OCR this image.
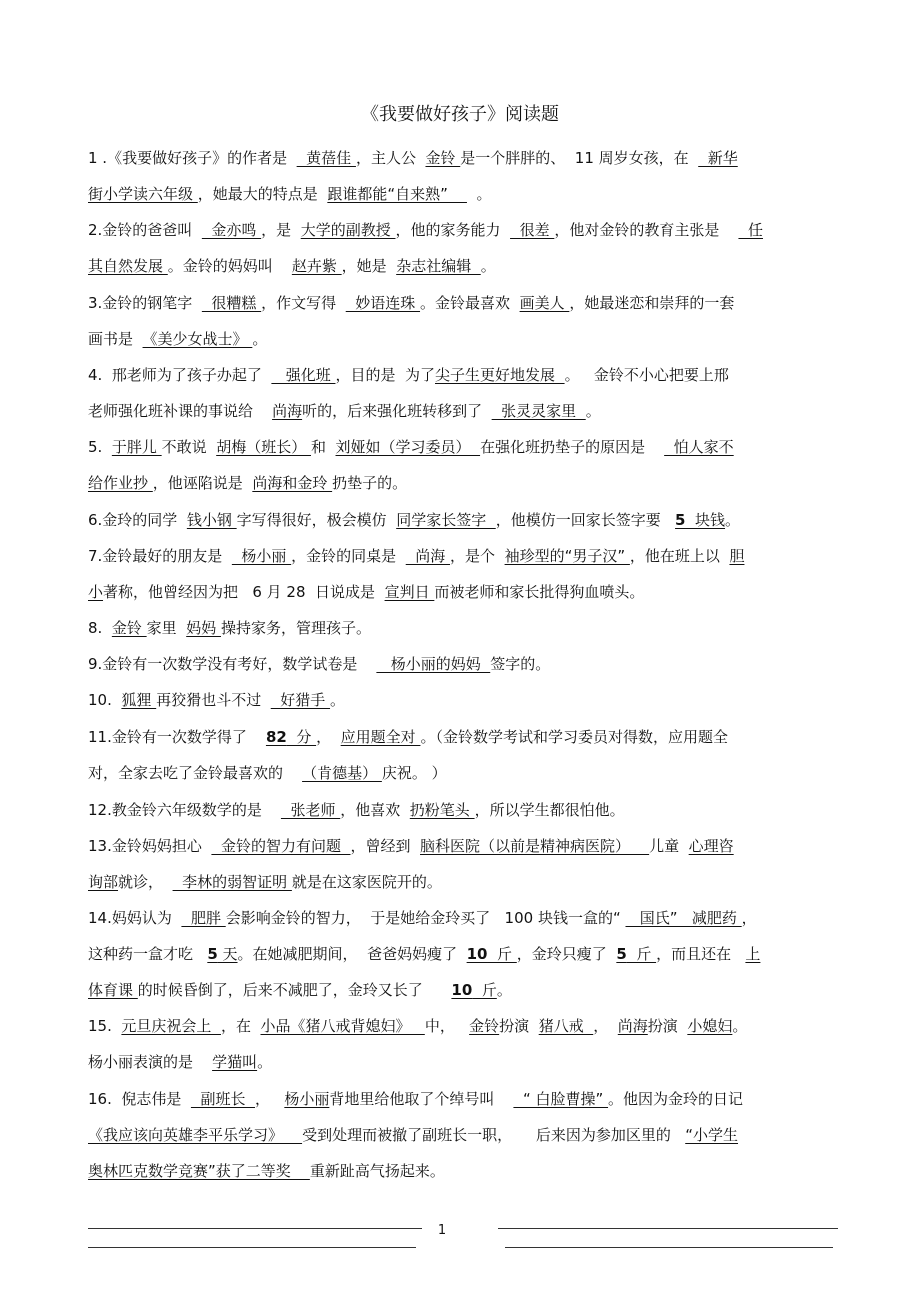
《我要做好孩子》阅读题
1 .《我要做好孩子》的作者是    黄蓓佳 ，主人公  金铃 是一个胖胖的、  11 周岁女孩，在    新华
街小学读六年级 ，她最大的特点是  跟谁都能“自来熟”      。
2.金铃的爸爸叫    金亦鸣 ，是  大学的副教授 ，他的家务能力    很差 ，他对金铃的教育主张是      任
其自然发展 。金铃的妈妈叫    赵卉紫 ，她是  杂志社编辑  。
3.金铃的钢笔字    很糟糕 ，作文写得    妙语连珠 。金铃最喜欢  画美人 ，她最迷恋和崇拜的一套
画书是  《美少女战士》 。
4.  邢老师为了孩子办起了     强化班 ，目的是  为了尖子生更好地发展  。   金铃不小心把要上邢
老师强化班补课的事说给    尚海听的，后来强化班转移到了    张灵灵家里  。
5.  于胖儿 不敢说  胡梅（班长） 和  刘娅如（学习委员）  在强化班扔垫子的原因是      怕人家不
给作业抄 ，他诬陷说是  尚海和金玲 扔垫子的。
6.金玲的同学  钱小钢 字写得很好，极会模仿  同学家长签字  ，他模仿一回家长签字要   5  块钱。
7.金铃最好的朋友是    杨小丽 ，金铃的同桌是    尚海 ，是个  袖珍型的“男子汉” ，他在班上以  胆
小著称，他曾经因为把   6 月 28  日说成是  宣判日 而被老师和家长批得狗血喷头。
8.  金铃 家里  妈妈 操持家务，管理孩子。
9.金铃有一次数学没有考好，数学试卷是       杨小丽的妈妈  签字的。
10.  狐狸 再狡猾也斗不过    好猎手 。
11.金铃有一次数学得了    82  分 ，  应用题全对 。（金铃数学考试和学习委员对得数，应用题全
对，全家去吃了金铃最喜欢的    （肯德基） 庆祝。 ）
12.教金铃六年级数学的是      张老师 ，他喜欢  扔粉笔头 ，所以学生都很怕他。
13.金铃妈妈担心    金铃的智力有问题  ，曾经到  脑科医院（以前是精神病医院）    儿童  心理咨
询部就诊，    李林的弱智证明 就是在这家医院开的。
14.妈妈认为    肥胖 会影响金铃的智力，  于是她给金玲买了   100 块钱一盒的“    国氏”   减肥药 ，
这种药一盒才吃   5 天。在她减肥期间，  爸爸妈妈瘦了  10  斤 ，金玲只瘦了  5  斤 ，而且还在   上
体育课 的时候昏倒了，后来不减肥了，金玲又长了      10  斤。
15.  元旦庆祝会上  ，在  小品《猪八戒背媳妇》   中，   金铃扮演  猪八戒  ，  尚海扮演  小媳妇。
杨小丽表演的是    学猫叫。
16.  倪志伟是    副班长  ，   杨小丽背地里给他取了个绰号叫      “ 白脸曹操” 。他因为金玲的日记
《我应该向英雄李平乐学习》    受到处理而被撤了副班长一职，     后来因为参加区里的   “小学生
奥林匹克数学竞赛”获了二等奖    重新趾高气扬起来。
1
